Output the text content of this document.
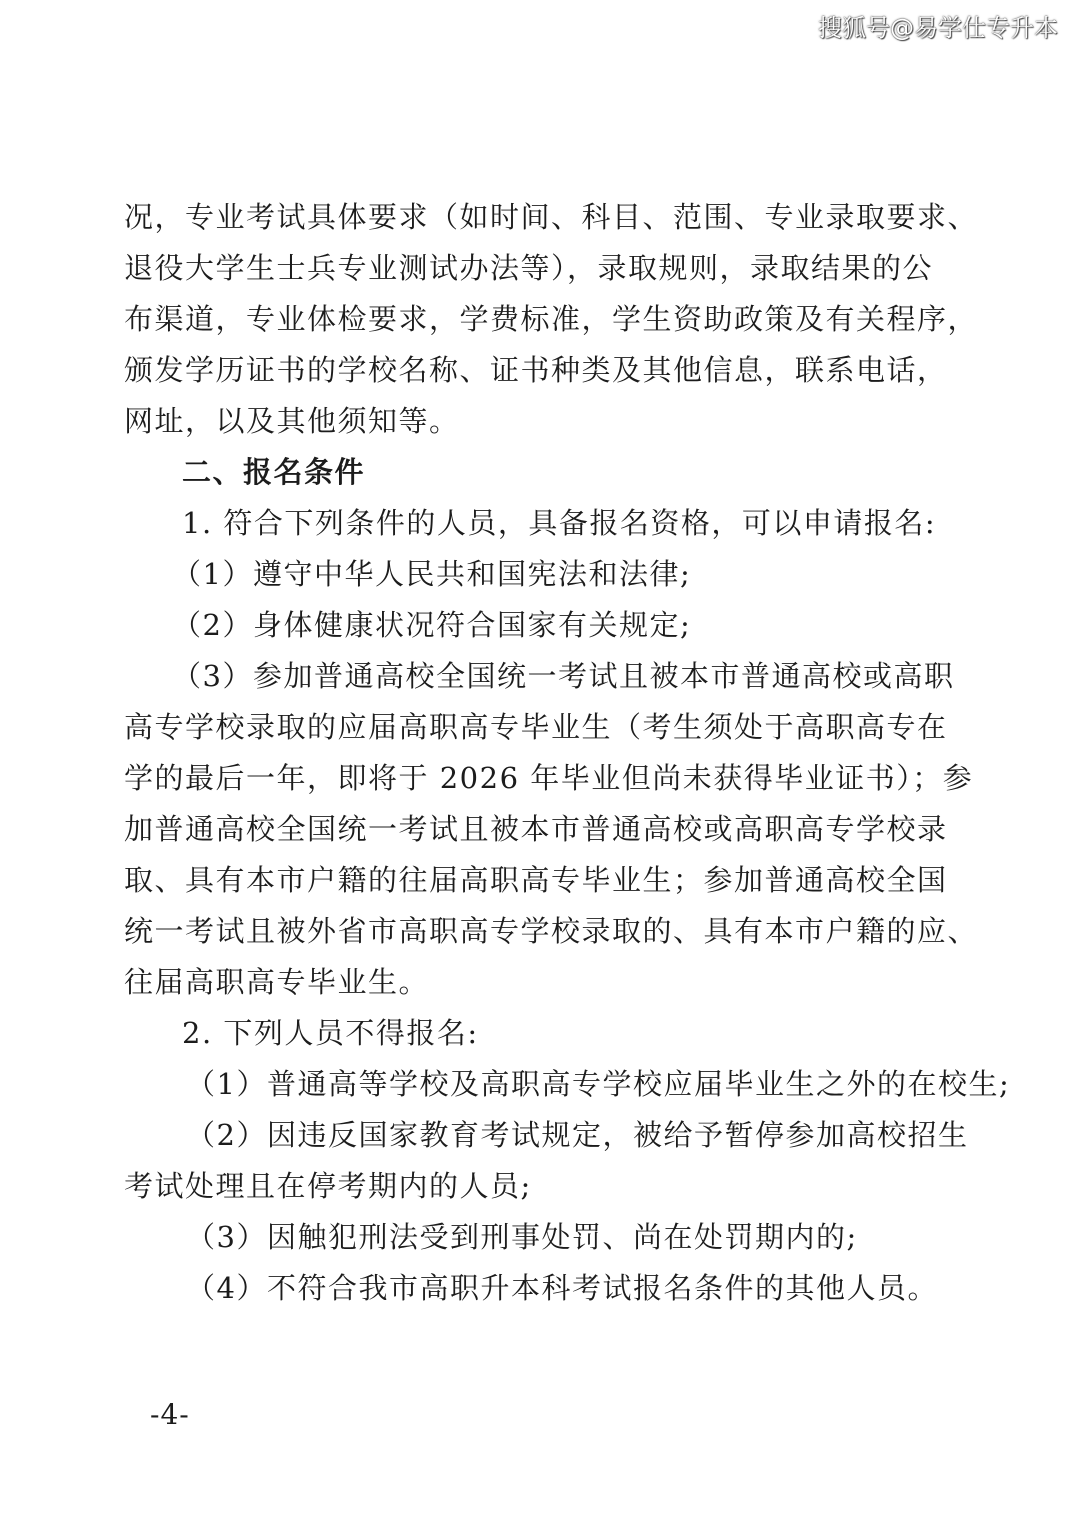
搜狐号@易学仕专升本
况，专业考试具体要求（如时间、科目、范围、专业录取要求、
退役大学生士兵专业测试办法等），录取规则，录取结果的公
布渠道，专业体检要求，学费标准，学生资助政策及有关程序，
颁发学历证书的学校名称、证书种类及其他信息，联系电话，
网址，以及其他须知等。
二、报名条件
1. 符合下列条件的人员，具备报名资格，可以申请报名:
（1）遵守中华人民共和国宪法和法律;
（2）身体健康状况符合国家有关规定;
（3）参加普通高校全国统一考试且被本市普通高校或高职
高专学校录取的应届高职高专毕业生（考生须处于高职高专在
学的最后一年，即将于 2026 年毕业但尚未获得毕业证书）；参
加普通高校全国统一考试且被本市普通高校或高职高专学校录
取、具有本市户籍的往届高职高专毕业生；参加普通高校全国
统一考试且被外省市高职高专学校录取的、具有本市户籍的应、
往届高职高专毕业生。
2. 下列人员不得报名:
（1）普通高等学校及高职高专学校应届毕业生之外的在校生;
（2）因违反国家教育考试规定，被给予暂停参加高校招生
考试处理且在停考期内的人员;
（3）因触犯刑法受到刑事处罚、尚在处罚期内的;
（4）不符合我市高职升本科考试报名条件的其他人员。
-4-
